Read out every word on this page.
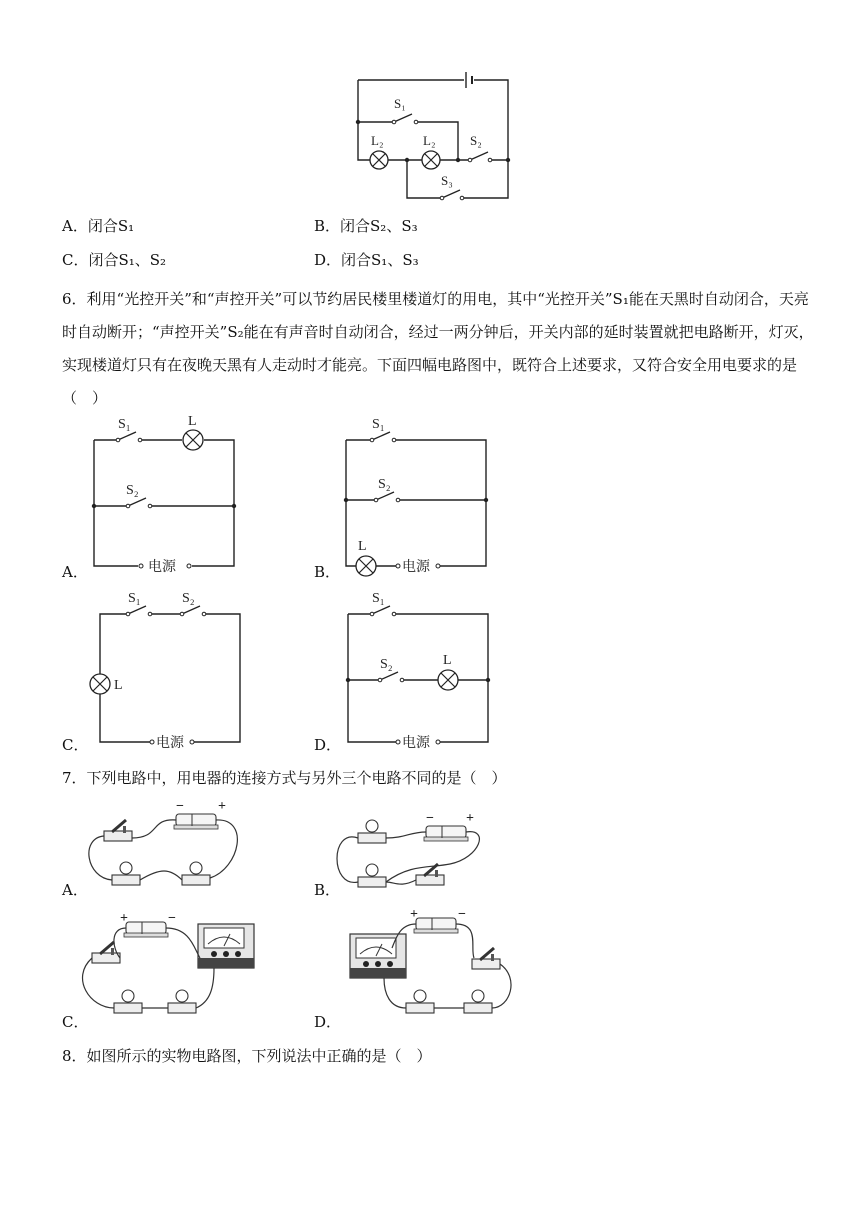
S₁
L₂	L₂	S₂
S₃
A．闭合S₁	B．闭合S₂、S₃
C．闭合S₁、S₂	D．闭合S₁、S₃
6．利用“光控开关”和“声控开关”可以节约居民楼里楼道灯的用电，其中“光控开关”S₁能在天黑时自动闭合，天亮时自动断开；“声控开关”S₂能在有声音时自动闭合，经过一两分钟后，开关内部的延时装置就把电路断开，灯灭，实现楼道灯只有在夜晚天黑有人走动时才能亮。下面四幅电路图中，既符合上述要求，又符合安全用电要求的是（　）
S₁	L
S₂
电源
S₁
S₂
L
电源
S₁	S₂
L
电源
S₁
S₂	L
电源
A．	B．
C．	D．
7．下列电路中，用电器的连接方式与另外三个电路不同的是（　）
− +
− +
+	−	+	−
A．	B．
C．	D．
8．如图所示的实物电路图，下列说法中正确的是（　）
